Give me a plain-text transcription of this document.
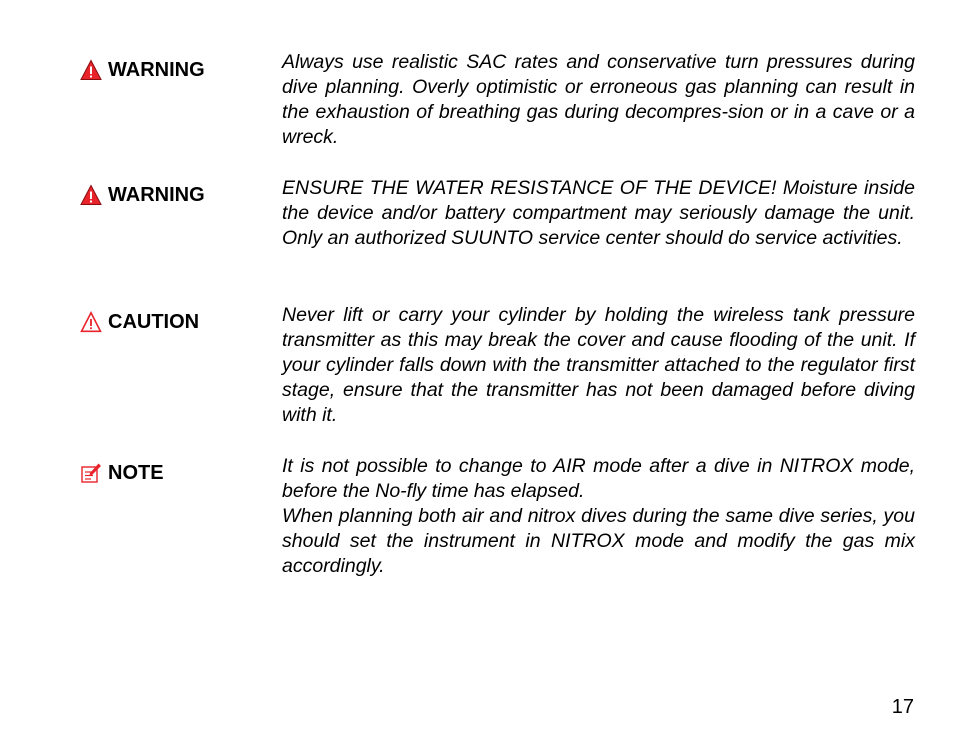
WARNING	Always use realistic SAC rates and conservative turn pressures during dive planning. Overly optimistic or erroneous gas planning can result in the exhaustion of breathing gas during decompres-sion or in a cave or a wreck.

WARNING	ENSURE THE WATER RESISTANCE OF THE DEVICE! Moisture inside the device and/or battery compartment may seriously damage the unit. Only an authorized SUUNTO service center should do service activities.

CAUTION	Never lift or carry your cylinder by holding the wireless tank pressure transmitter as this may break the cover and cause flooding of the unit. If your cylinder falls down with the transmitter attached to the regulator first stage, ensure that the transmitter has not been damaged before diving with it.

NOTE	It is not possible to change to AIR mode after a dive in NITROX mode, before the No-fly time has elapsed.

When planning both air and nitrox dives during the same dive series, you should set the instrument in NITROX mode and modify the gas mix accordingly.

17
